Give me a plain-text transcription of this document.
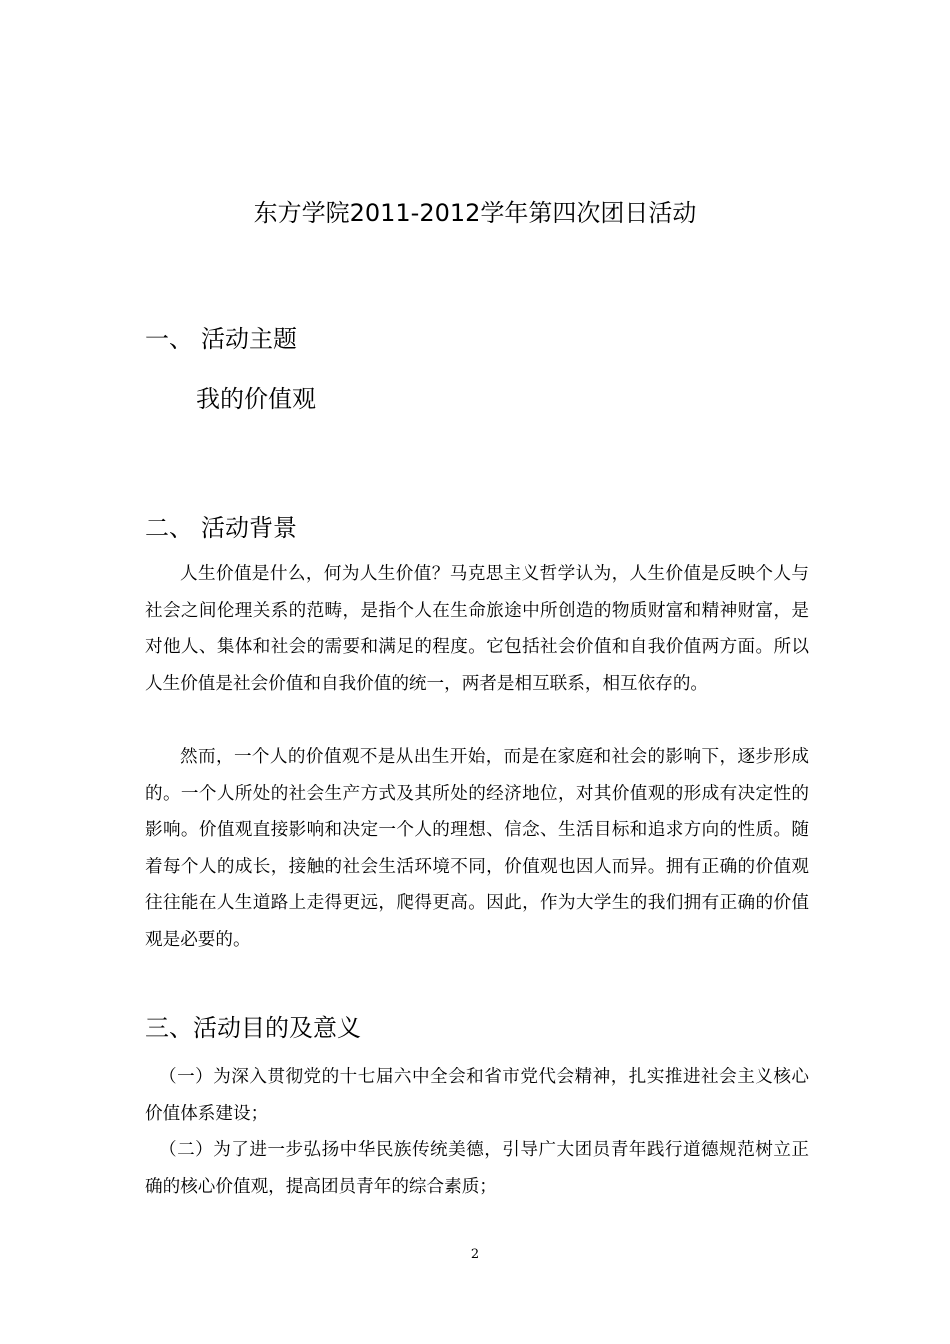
东方学院2011-2012学年第四次团日活动
一、 活动主题

我的价值观

二、 活动背景

人生价值是什么，何为人生价值？马克思主义哲学认为，人生价值是反映个人与社会之间伦理关系的范畴，是指个人在生命旅途中所创造的物质财富和精神财富，是对他人、集体和社会的需要和满足的程度。它包括社会价值和自我价值两方面。所以人生价值是社会价值和自我价值的统一，两者是相互联系，相互依存的。

然而，一个人的价值观不是从出生开始，而是在家庭和社会的影响下，逐步形成的。一个人所处的社会生产方式及其所处的经济地位，对其价值观的形成有决定性的影响。价值观直接影响和决定一个人的理想、信念、生活目标和追求方向的性质。随着每个人的成长，接触的社会生活环境不同，价值观也因人而异。拥有正确的价值观往往能在人生道路上走得更远，爬得更高。因此，作为大学生的我们拥有正确的价值观是必要的。

三、活动目的及意义

（一）为深入贯彻党的十七届六中全会和省市党代会精神，扎实推进社会主义核心价值体系建设；

（二）为了进一步弘扬中华民族传统美德，引导广大团员青年践行道德规范树立正确的核心价值观，提高团员青年的综合素质；

2
